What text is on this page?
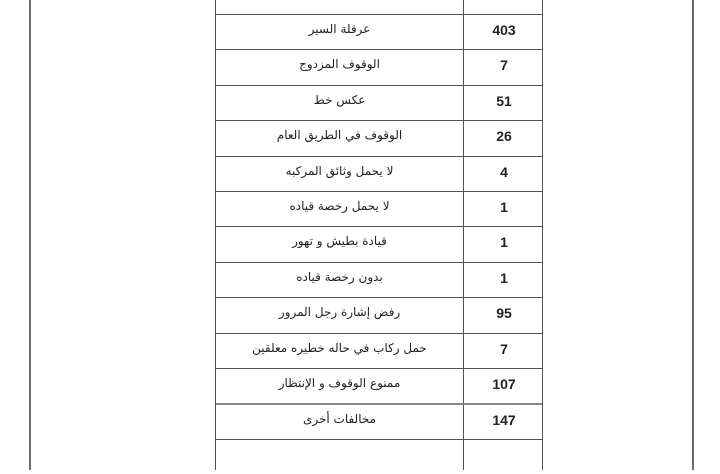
عرقلة السير	403
الوقوف المزدوج	7
عكس خط	51
الوقوف في الطريق العام	26
لا يحمل وثائق المركبه	4
لا يحمل رخصة قياده	1
قيادة بطيش و تهور	1
بدون رخصة قياده	1
رفض إشارة رجل المرور	95
حمل ركاب في حاله خطيره معلقين	7
ممنوع الوقوف و الإنتظار	107
مخالفات أخرى	147
